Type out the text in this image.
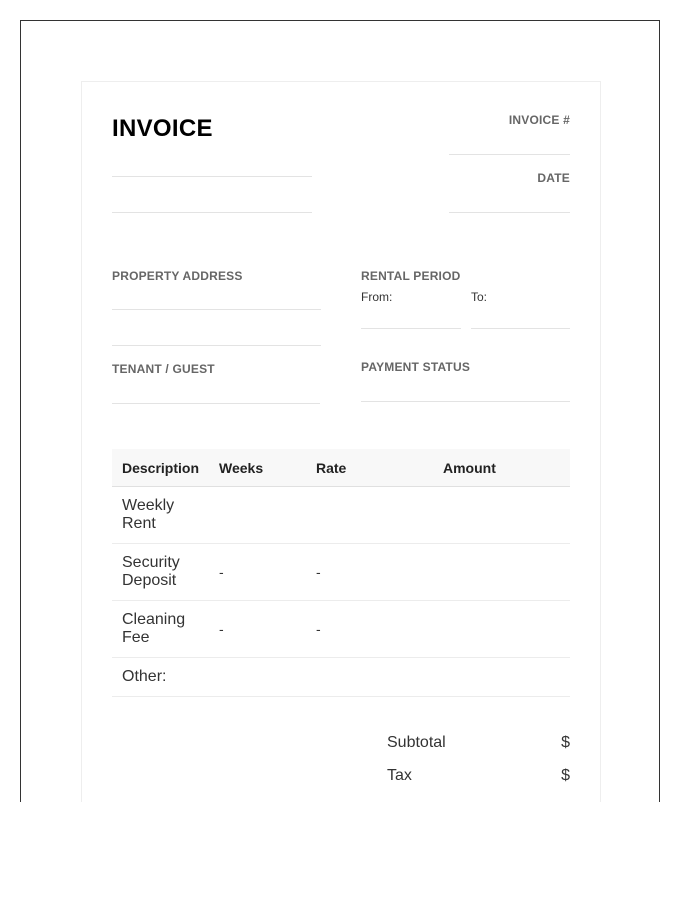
INVOICE	INVOICE #
DATE
PROPERTY ADDRESS	RENTAL PERIOD
From:	To:
TENANT / GUEST	PAYMENT STATUS
Description	Weeks	Rate	Amount
Weekly Rent			
Security Deposit	-	-	
Cleaning Fee	-	-	
Other:			
Subtotal	$
Tax	$
